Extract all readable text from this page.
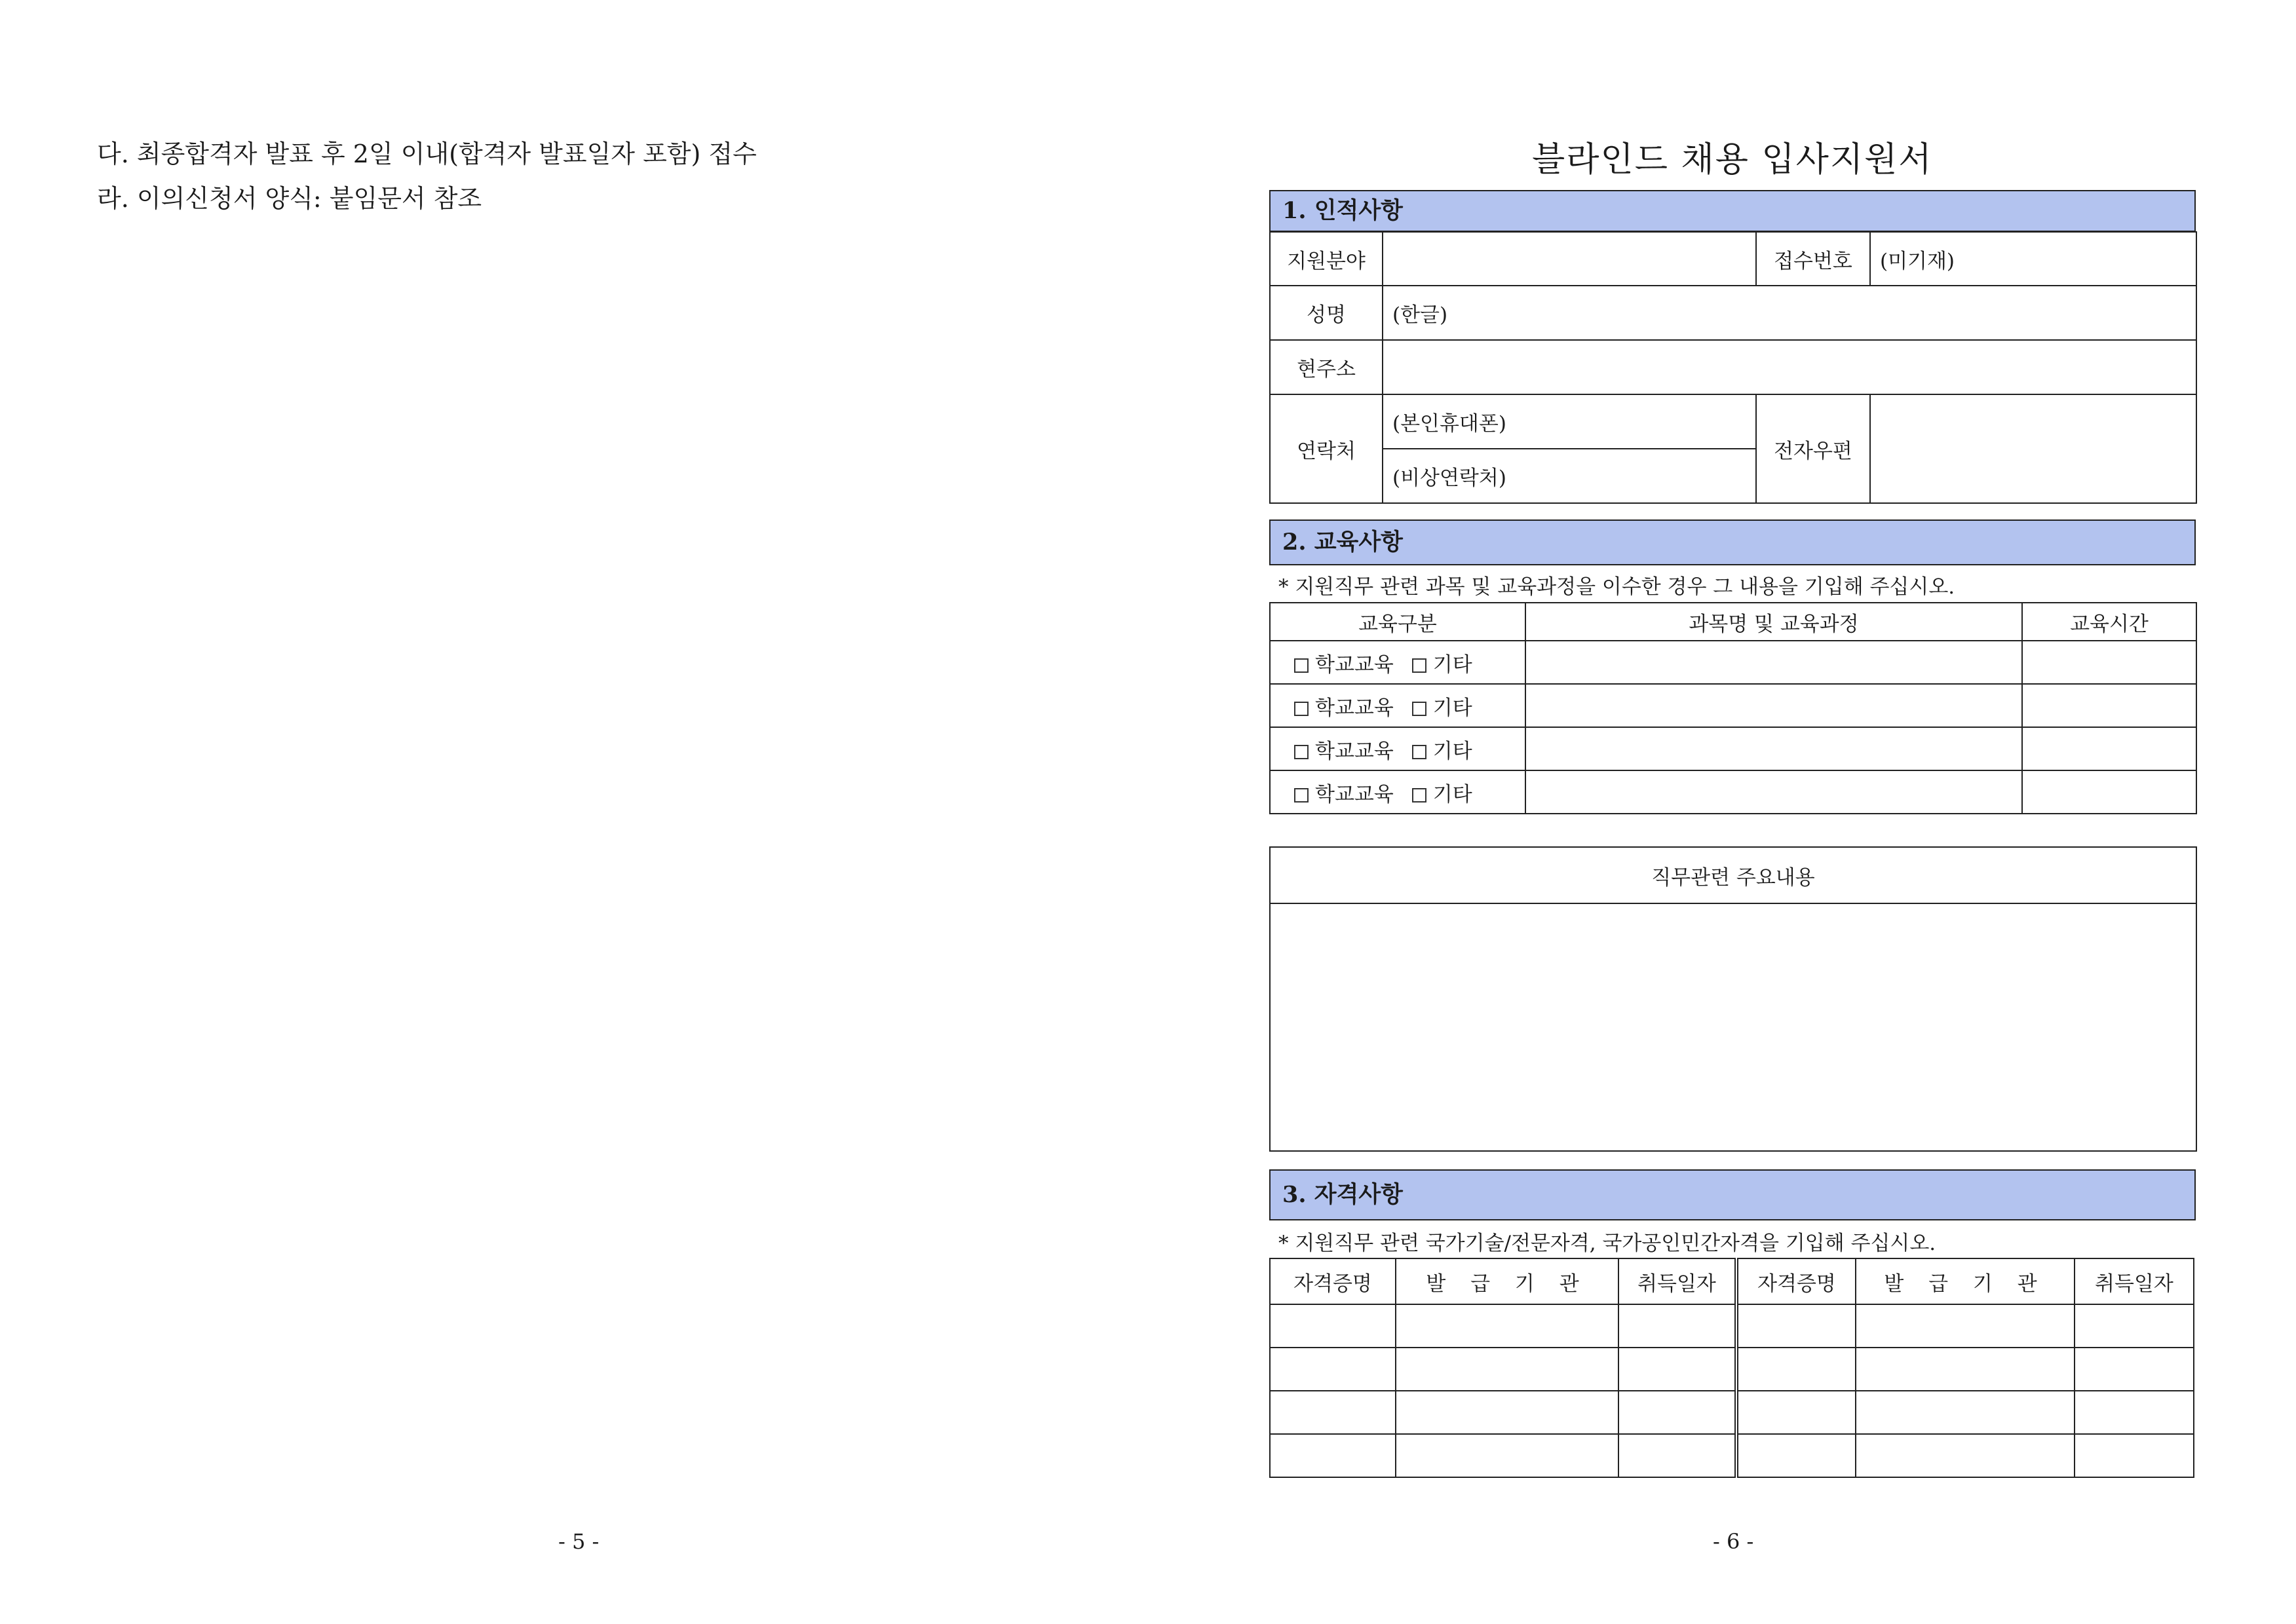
다. 최종합격자 발표 후 2일 이내(합격자 발표일자 포함) 접수
라. 이의신청서 양식: 붙임문서 참조
- 5 -
블라인드 채용 입사지원서
1. 인적사항
지원분야		접수번호	(미기재)
성명	(한글)		
현주소			
연락처	(본인휴대폰)	전자우편	
	(비상연락처)		
2. 교육사항
* 지원직무 관련 과목 및 교육과정을 이수한 경우 그 내용을 기입해 주십시오.
교육구분	과목명 및 교육과정	교육시간
학교교육 기타		
학교교육 기타		
학교교육 기타		
학교교육 기타		
직무관련 주요내용

3. 자격사항
* 지원직무 관련 국가기술/전문자격, 국가공인민간자격을 기입해 주십시오.
자격증명	발 급 기 관	취득일자	자격증명	발 급 기 관	취득일자

- 6 -
